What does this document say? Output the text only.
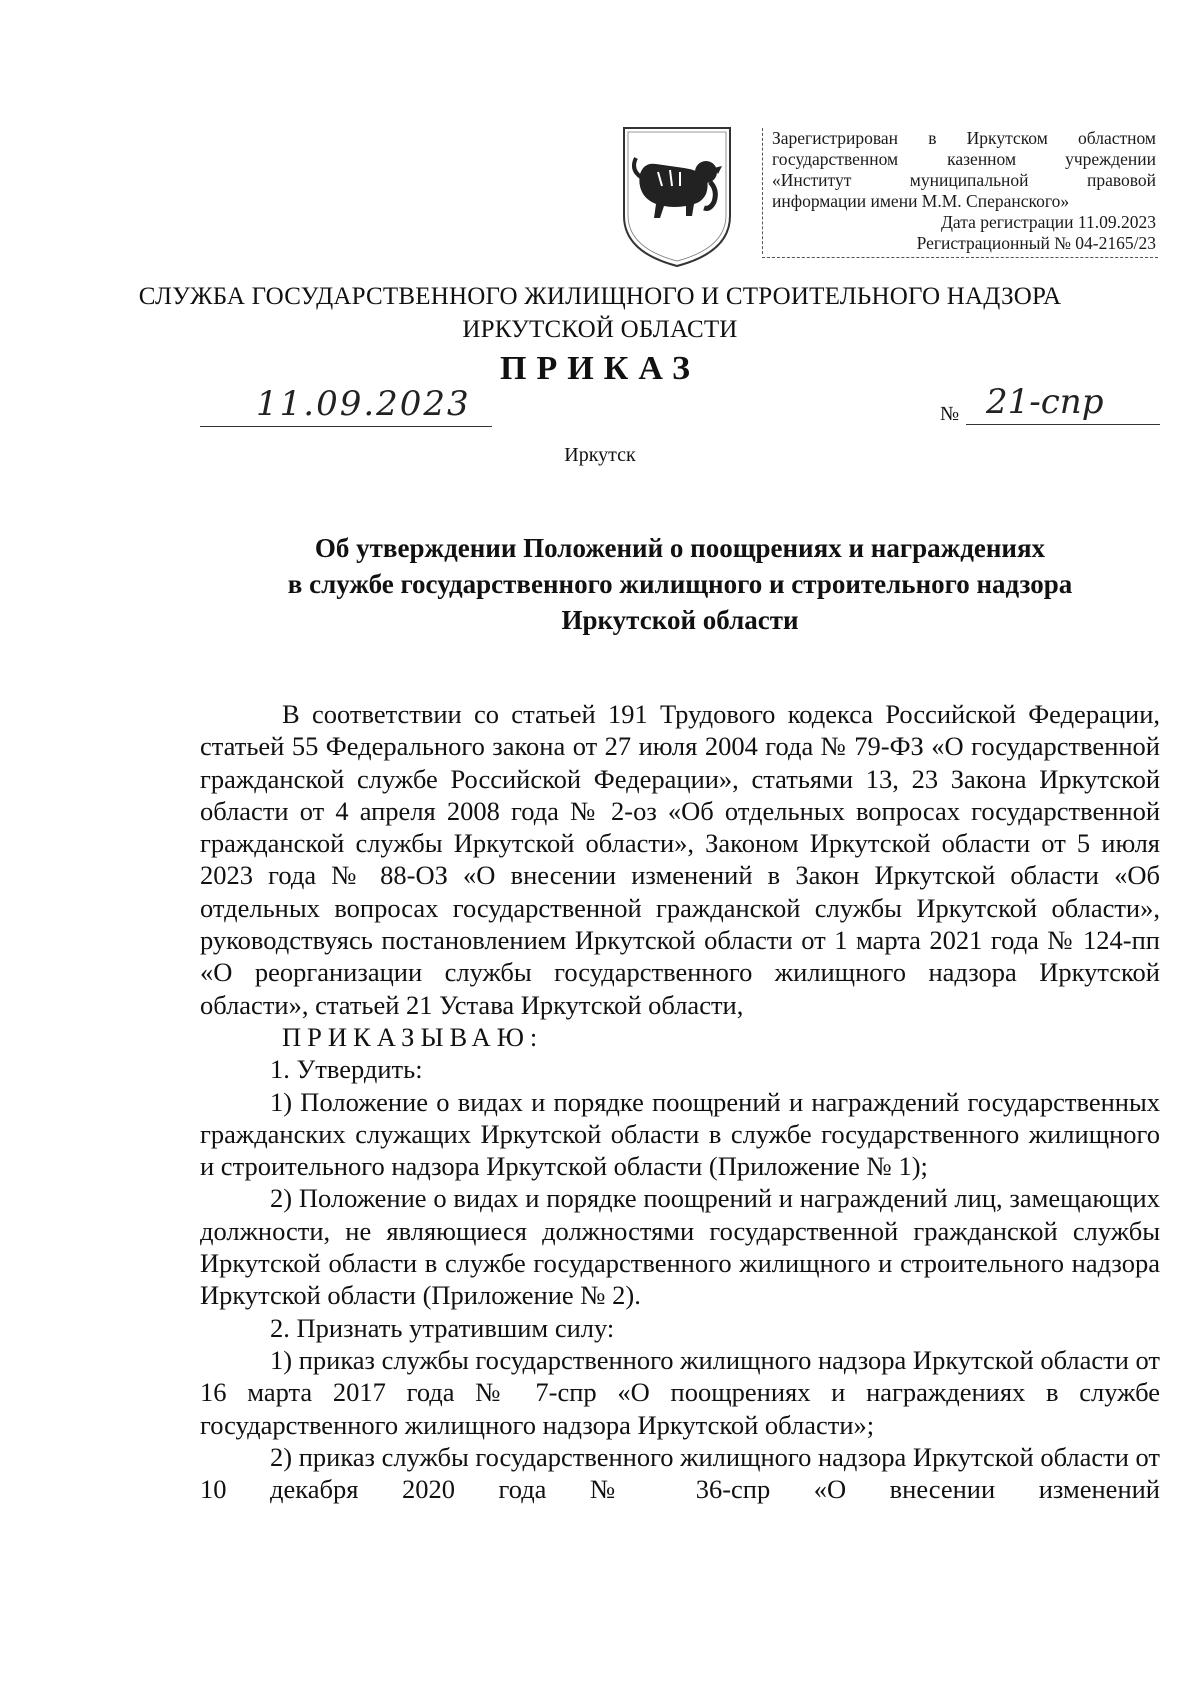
Зарегистрирован в Иркутском областном
государственном казенном учреждении
«Институт муниципальной правовой
информации имени М.М. Сперанского»
Дата регистрации 11.09.2023
Регистрационный № 04-2165/23
СЛУЖБА ГОСУДАРСТВЕННОГО ЖИЛИЩНОГО И СТРОИТЕЛЬНОГО НАДЗОРА
ИРКУТСКОЙ ОБЛАСТИ
ПРИКАЗ
11.09.2023	№ 21-спр
Иркутск
Об утверждении Положений о поощрениях и награждениях
в службе государственного жилищного и строительного надзора
Иркутской области

В соответствии со статьей 191 Трудового кодекса Российской Федерации, статьей 55 Федерального закона от 27 июля 2004 года № 79-ФЗ «О государственной гражданской службе Российской Федерации», статьями 13, 23 Закона Иркутской области от 4 апреля 2008 года № 2-оз «Об отдельных вопросах государственной гражданской службы Иркутской области», Законом Иркутской области от 5 июля 2023 года № 88-ОЗ «О внесении изменений в Закон Иркутской области «Об отдельных вопросах государственной гражданской службы Иркутской области», руководствуясь постановлением Иркутской области от 1 марта 2021 года № 124-пп «О реорганизации службы государственного жилищного надзора Иркутской области», статьей 21 Устава Иркутской области,

ПРИКАЗЫВАЮ:

1. Утвердить:

1) Положение о видах и порядке поощрений и награждений государственных гражданских служащих Иркутской области в службе государственного жилищного и строительного надзора Иркутской области (Приложение № 1);

2) Положение о видах и порядке поощрений и награждений лиц, замещающих должности, не являющиеся должностями государственной гражданской службы Иркутской области в службе государственного жилищного и строительного надзора Иркутской области (Приложение № 2).

2. Признать утратившим силу:

1) приказ службы государственного жилищного надзора Иркутской области от 16 марта 2017 года № 7-спр «О поощрениях и награждениях в службе государственного жилищного надзора Иркутской области»;

2) приказ службы государственного жилищного надзора Иркутской области от 10 декабря 2020 года № 36-спр «О внесении изменений
